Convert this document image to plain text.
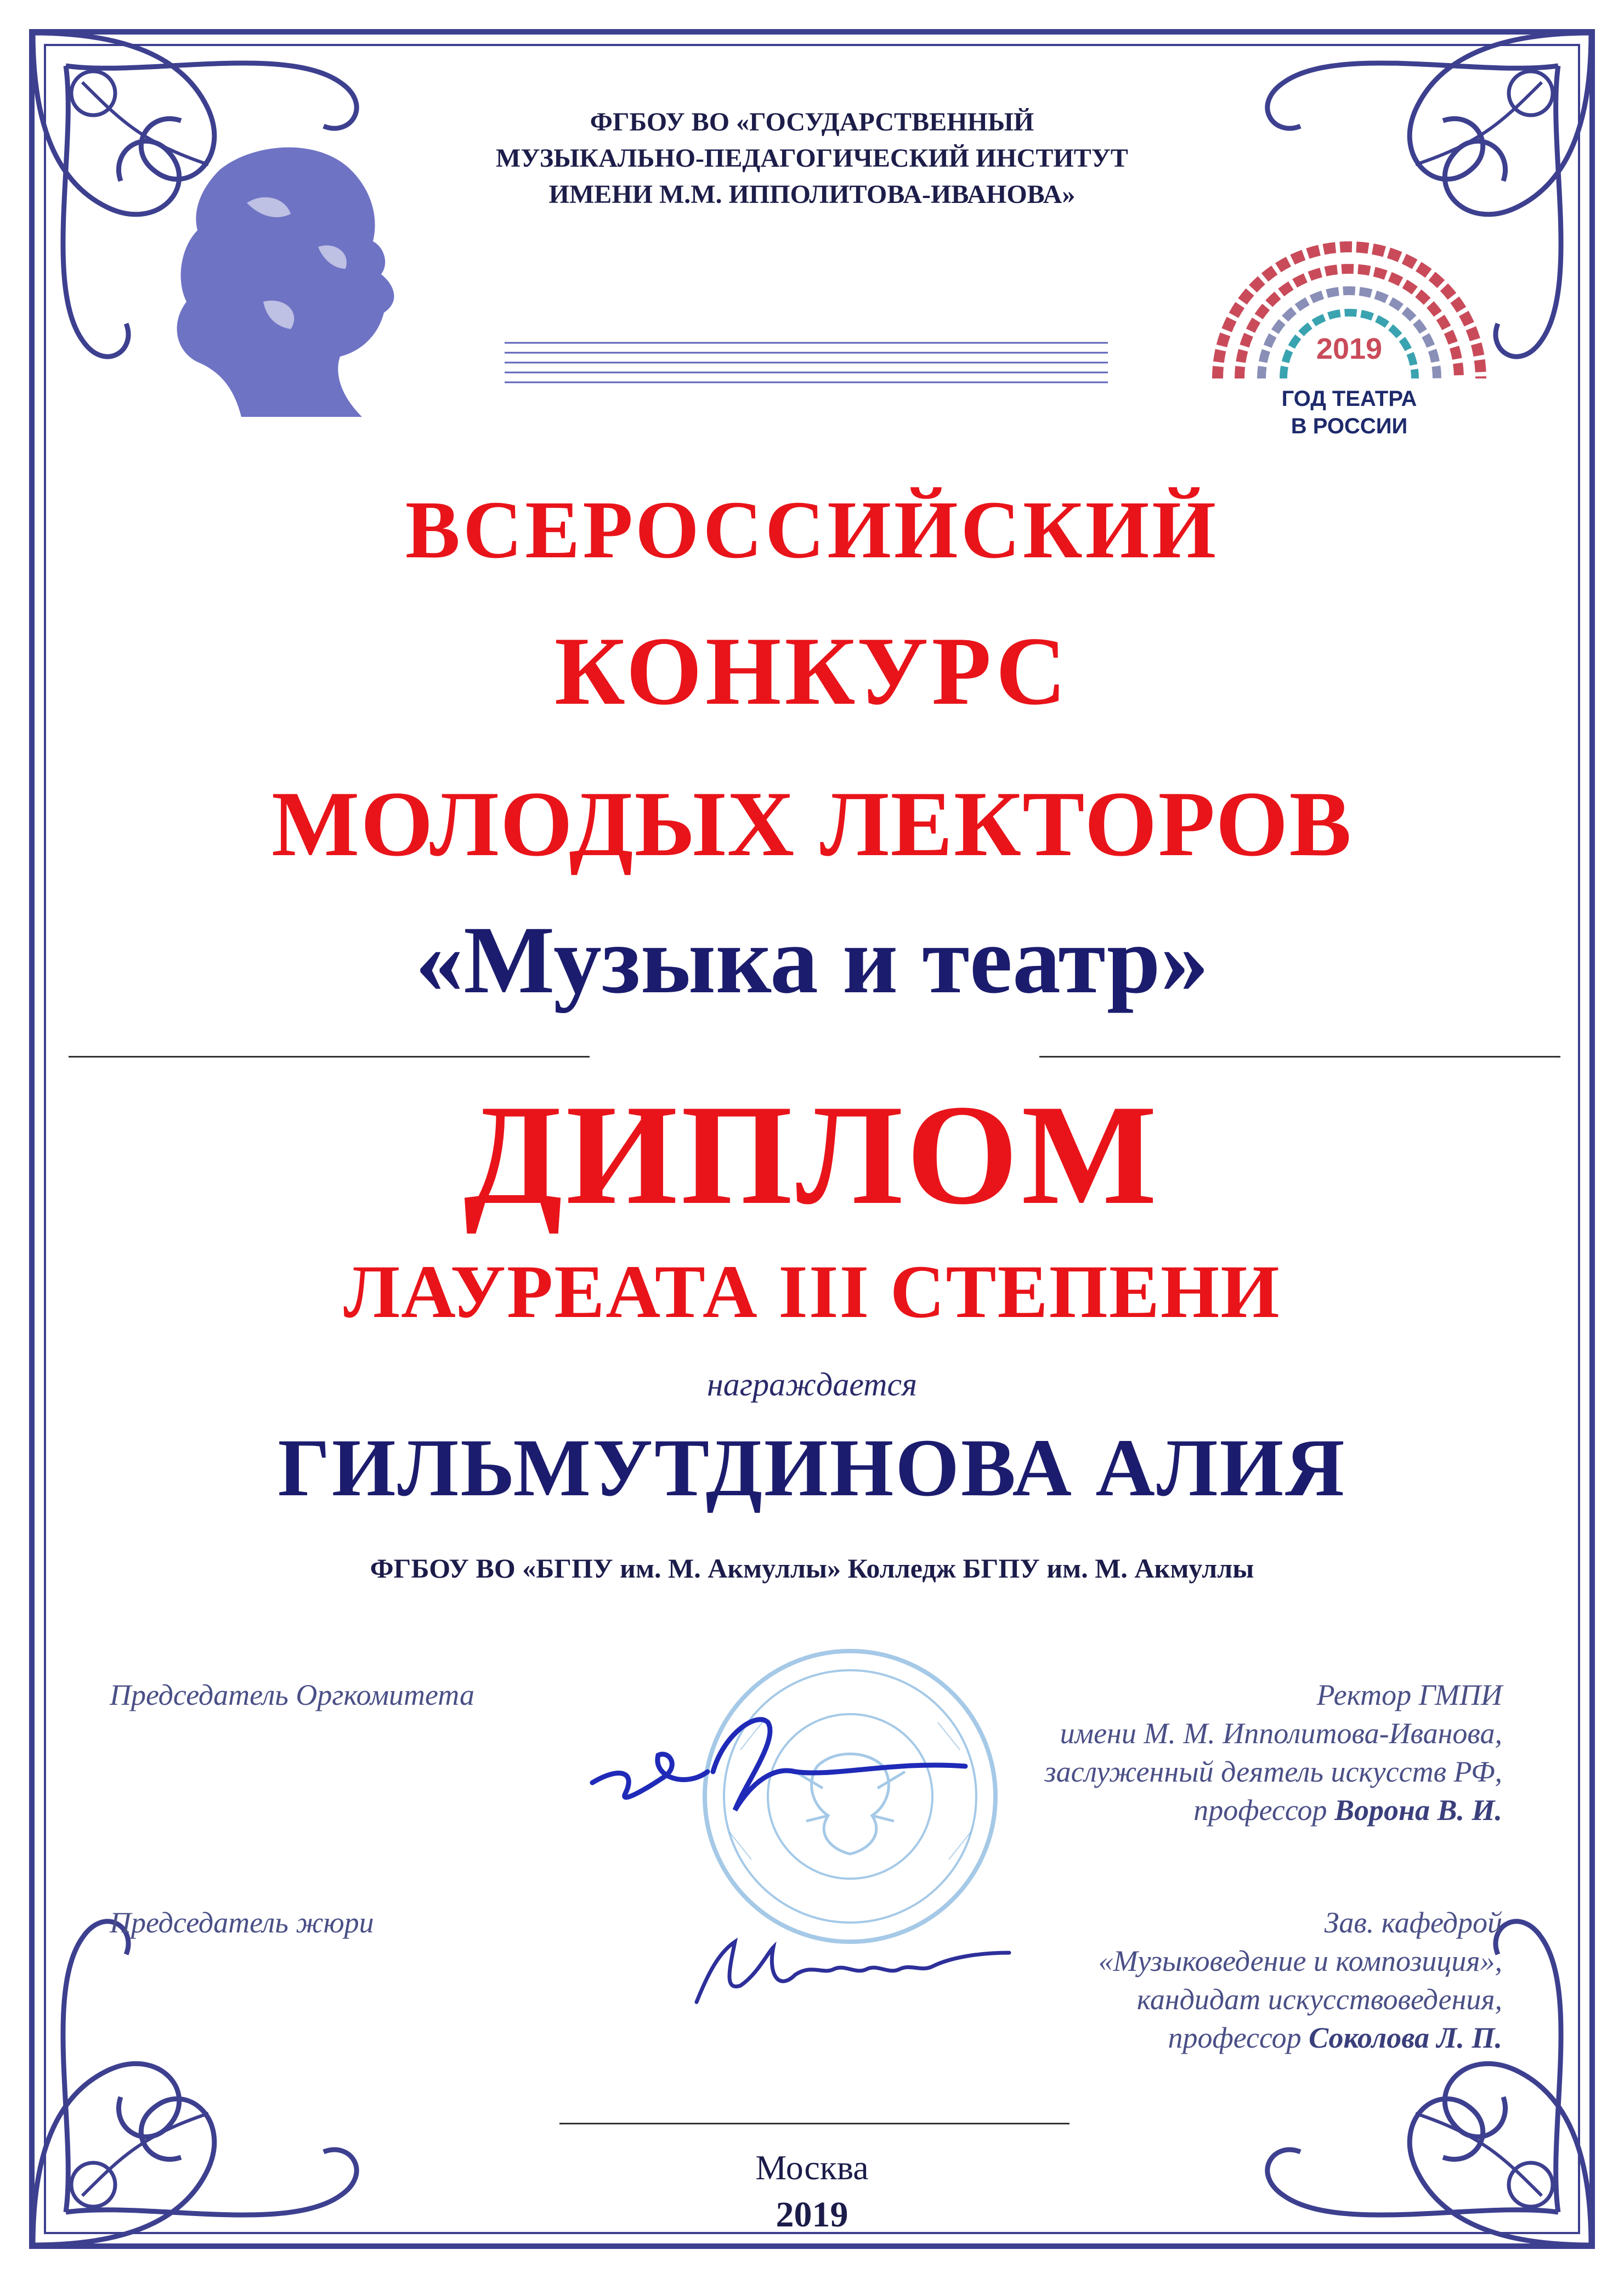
ФГБОУ ВО «ГОСУДАРСТВЕННЫЙ
МУЗЫКАЛЬНО-ПЕДАГОГИЧЕСКИЙ ИНСТИТУТ
ИМЕНИ М.М. ИППОЛИТОВА-ИВАНОВА»
2019
ГОД ТЕАТРА
В РОССИИ
ВСЕРОССИЙСКИЙ
КОНКУРС
МОЛОДЫХ ЛЕКТОРОВ
«Музыка и театр»
ДИПЛОМ
ЛАУРЕАТА III СТЕПЕНИ
награждается
ГИЛЬМУТДИНОВА АЛИЯ
ФГБОУ ВО «БГПУ им. М. Акмуллы» Колледж БГПУ им. М. Акмуллы
Председатель Оргкомитета
Председатель жюри
Ректор ГМПИ
имени М. М. Ипполитова-Иванова,
заслуженный деятель искусств РФ,
профессор Ворона В. И.
Зав. кафедрой
«Музыковедение и композиция»,
кандидат искусствоведения,
профессор Соколова Л. П.
Москва
2019
